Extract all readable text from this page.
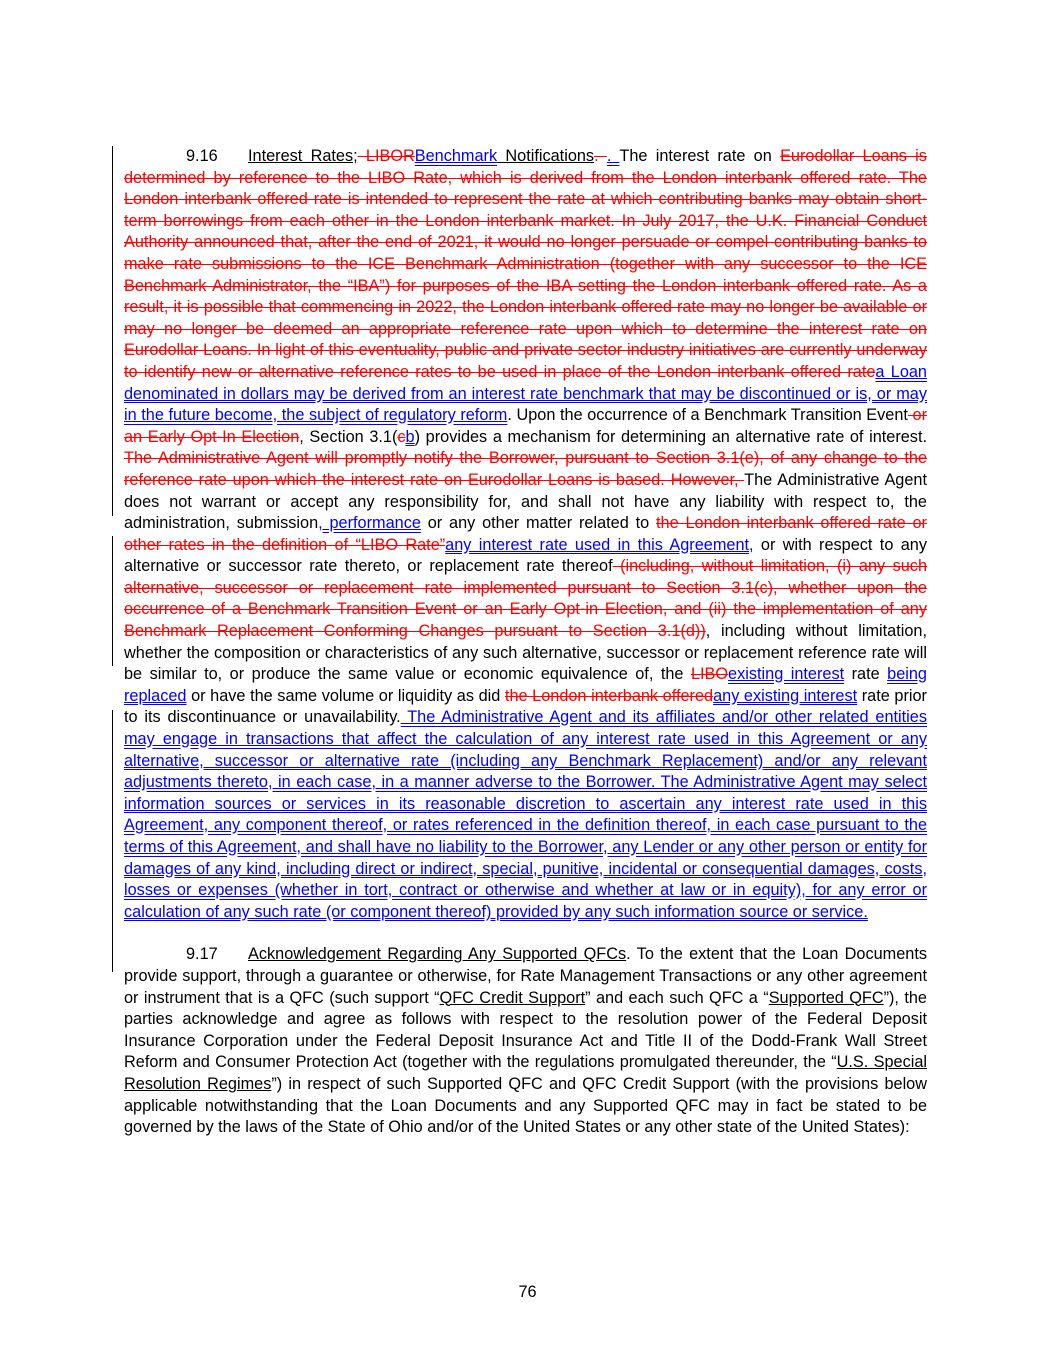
9.16 Interest Rates; LIBORBenchmark Notifications. . The interest rate on Eurodollar Loans is determined by reference to the LIBO Rate, which is derived from the London interbank offered rate. The London interbank offered rate is intended to represent the rate at which contributing banks may obtain short-term borrowings from each other in the London interbank market. In July 2017, the U.K. Financial Conduct Authority announced that, after the end of 2021, it would no longer persuade or compel contributing banks to make rate submissions to the ICE Benchmark Administration (together with any successor to the ICE Benchmark Administrator, the “IBA”) for purposes of the IBA setting the London interbank offered rate. As a result, it is possible that commencing in 2022, the London interbank offered rate may no longer be available or may no longer be deemed an appropriate reference rate upon which to determine the interest rate on Eurodollar Loans. In light of this eventuality, public and private sector industry initiatives are currently underway to identify new or alternative reference rates to be used in place of the London interbank offered ratea Loan denominated in dollars may be derived from an interest rate benchmark that may be discontinued or is, or may in the future become, the subject of regulatory reform. Upon the occurrence of a Benchmark Transition Event or an Early Opt-In Election, Section 3.1(cb) provides a mechanism for determining an alternative rate of interest. The Administrative Agent will promptly notify the Borrower, pursuant to Section 3.1(e), of any change to the reference rate upon which the interest rate on Eurodollar Loans is based. However, The Administrative Agent does not warrant or accept any responsibility for, and shall not have any liability with respect to, the administration, submission, performance or any other matter related to the London interbank offered rate or other rates in the definition of “LIBO Rate”any interest rate used in this Agreement, or with respect to any alternative or successor rate thereto, or replacement rate thereof (including, without limitation, (i) any such alternative, successor or replacement rate implemented pursuant to Section 3.1(c), whether upon the occurrence of a Benchmark Transition Event or an Early Opt-in Election, and (ii) the implementation of any Benchmark Replacement Conforming Changes pursuant to Section 3.1(d)), including without limitation, whether the composition or characteristics of any such alternative, successor or replacement reference rate will be similar to, or produce the same value or economic equivalence of, the LIBOexisting interest rate being replaced or have the same volume or liquidity as did the London interbank offeredany existing interest rate prior to its discontinuance or unavailability. The Administrative Agent and its affiliates and/or other related entities may engage in transactions that affect the calculation of any interest rate used in this Agreement or any alternative, successor or alternative rate (including any Benchmark Replacement) and/or any relevant adjustments thereto, in each case, in a manner adverse to the Borrower. The Administrative Agent may select information sources or services in its reasonable discretion to ascertain any interest rate used in this Agreement, any component thereof, or rates referenced in the definition thereof, in each case pursuant to the terms of this Agreement, and shall have no liability to the Borrower, any Lender or any other person or entity for damages of any kind, including direct or indirect, special, punitive, incidental or consequential damages, costs, losses or expenses (whether in tort, contract or otherwise and whether at law or in equity), for any error or calculation of any such rate (or component thereof) provided by any such information source or service.

9.17 Acknowledgement Regarding Any Supported QFCs. To the extent that the Loan Documents provide support, through a guarantee or otherwise, for Rate Management Transactions or any other agreement or instrument that is a QFC (such support “QFC Credit Support” and each such QFC a “Supported QFC”), the parties acknowledge and agree as follows with respect to the resolution power of the Federal Deposit Insurance Corporation under the Federal Deposit Insurance Act and Title II of the Dodd-Frank Wall Street Reform and Consumer Protection Act (together with the regulations promulgated thereunder, the “U.S. Special Resolution Regimes”) in respect of such Supported QFC and QFC Credit Support (with the provisions below applicable notwithstanding that the Loan Documents and any Supported QFC may in fact be stated to be governed by the laws of the State of Ohio and/or of the United States or any other state of the United States):

76
